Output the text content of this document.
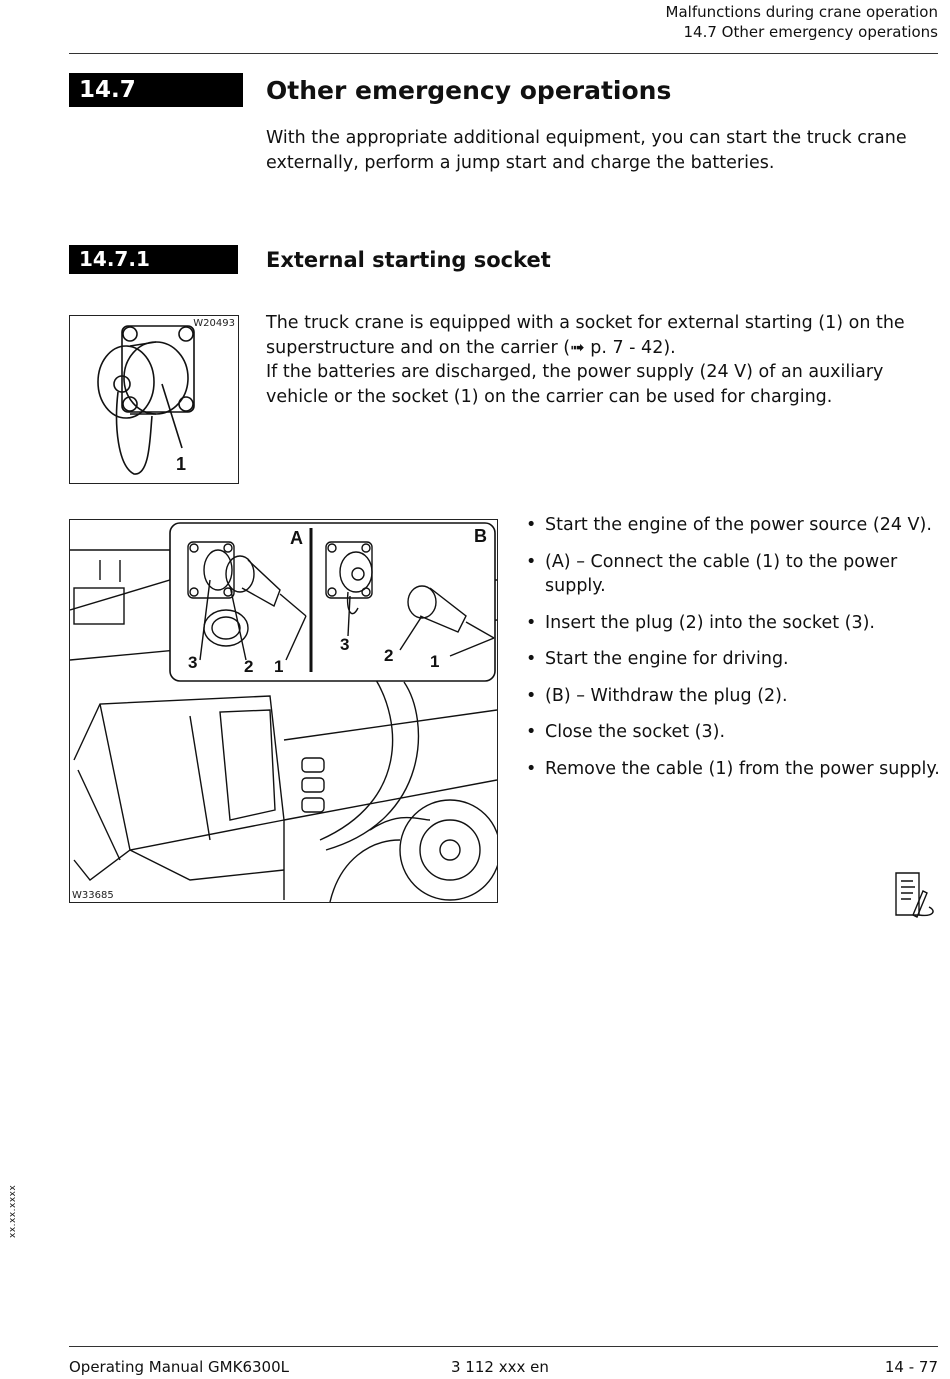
Malfunctions during crane operation
14.7 Other emergency operations
14.7	Other emergency operations

With the appropriate additional equipment, you can start the truck crane externally, perform a jump start and charge the batteries.

14.7.1	External starting socket
W20493
1

The truck crane is equipped with a socket for external starting (1) on the superstructure and on the carrier (➟ p. 7 - 42).

If the batteries are discharged, the power supply (24 V) of an auxiliary vehicle or the socket (1) on the carrier can be used for charging.

A	B
3	2 1
3
2 1
W33685
• Start the engine of the power source (24 V).
• (A) – Connect the cable (1) to the power supply.
• Insert the plug (2) into the socket (3).
• Start the engine for driving.
• (B) – Withdraw the plug (2).
• Close the socket (3).
• Remove the cable (1) from the power supply.
xx.xx.xxxx
Operating Manual GMK6300L	3 112 xxx en	14 - 77
